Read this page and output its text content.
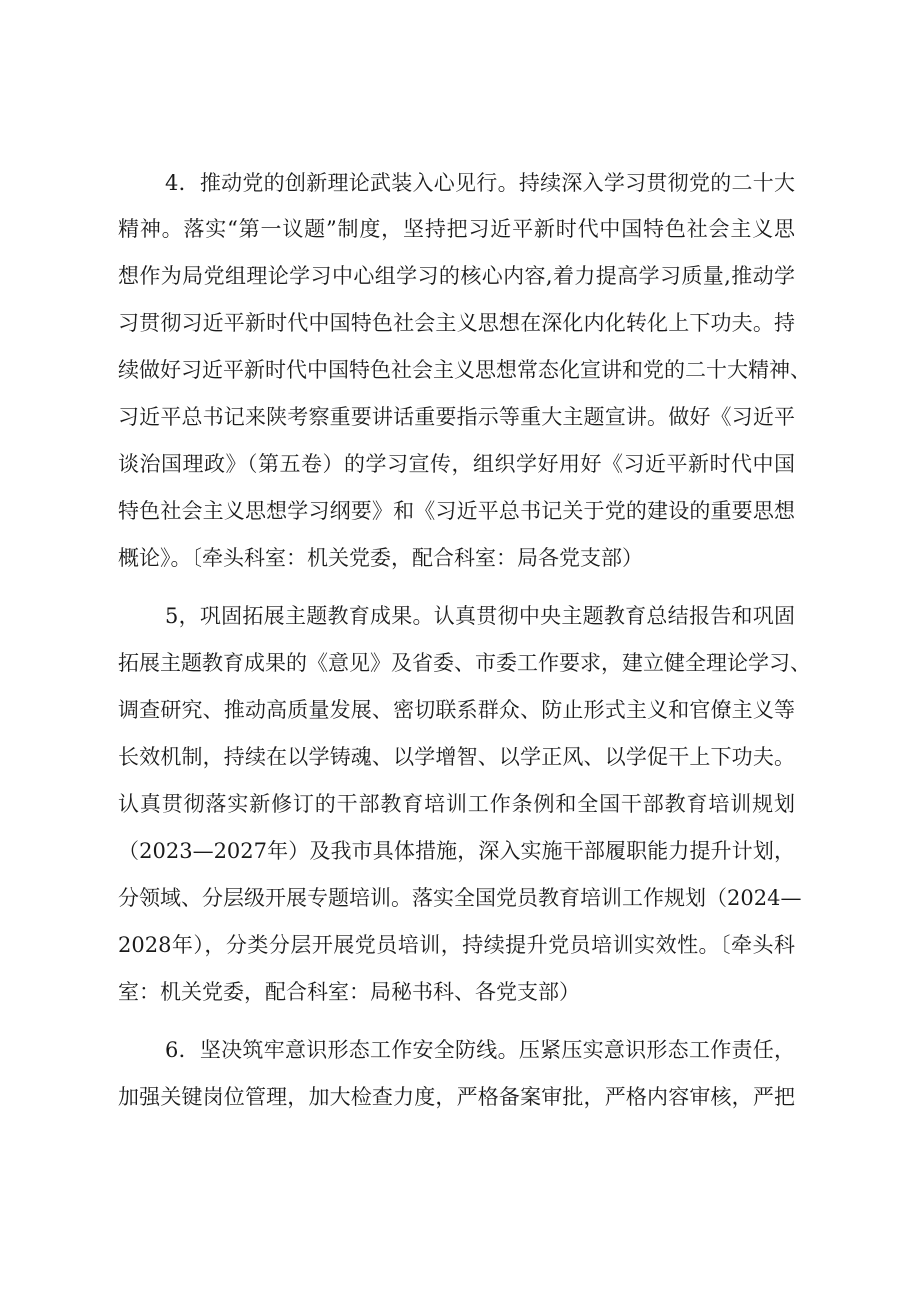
4．推动党的创新理论武装入心见行。持续深入学习贯彻党的二十大
精神。落实“第一议题”制度，坚持把习近平新时代中国特色社会主义思
想作为局党组理论学习中心组学习的核心内容,着力提高学习质量,推动学
习贯彻习近平新时代中国特色社会主义思想在深化内化转化上下功夫。持
续做好习近平新时代中国特色社会主义思想常态化宣讲和党的二十大精神、
习近平总书记来陕考察重要讲话重要指示等重大主题宣讲。做好《习近平
谈治国理政》（第五卷）的学习宣传，组织学好用好《习近平新时代中国
特色社会主义思想学习纲要》和《习近平总书记关于党的建设的重要思想
概论》。〔牵头科室：机关党委，配合科室：局各党支部）
5，巩固拓展主题教育成果。认真贯彻中央主题教育总结报告和巩固
拓展主题教育成果的《意见》及省委、市委工作要求，建立健全理论学习、
调查研究、推动高质量发展、密切联系群众、防止形式主义和官僚主义等
长效机制，持续在以学铸魂、以学增智、以学正风、以学促干上下功夫。
认真贯彻落实新修订的干部教育培训工作条例和全国干部教育培训规划
（2023—2027年）及我市具体措施，深入实施干部履职能力提升计划，
分领域、分层级开展专题培训。落实全国党员教育培训工作规划（2024—
2028年），分类分层开展党员培训，持续提升党员培训实效性。〔牵头科
室：机关党委，配合科室：局秘书科、各党支部）
6．坚决筑牢意识形态工作安全防线。压紧压实意识形态工作责任，
加强关键岗位管理，加大检查力度，严格备案审批，严格内容审核，严把
